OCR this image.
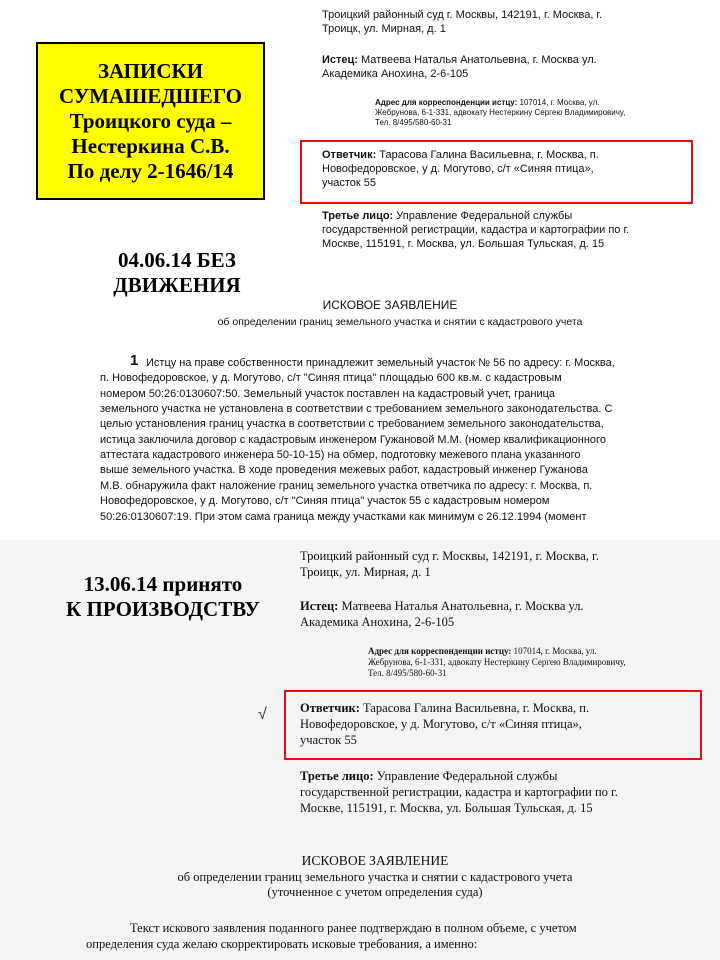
ЗАПИСКИ
СУМАШЕДШЕГО
Троицкого суда –
Нестеркина С.В.
По делу 2-1646/14
04.06.14 БЕЗ
ДВИЖЕНИЯ
Троицкий районный суд г. Москвы, 142191, г. Москва, г.
Троицк, ул. Мирная, д. 1
Истец: Матвеева Наталья Анатольевна, г. Москва ул.
Академика Анохина, 2-6-105
Адрес для корреспонденции истцу: 107014, г. Москва, ул.
Жебрунова, 6-1-331, адвокату Нестеркину Сергею Владимировичу,
Тел. 8/495/580-60-31
Ответчик: Тарасова Галина Васильевна, г. Москва, п.
Новофедоровское, у д. Могутово, с/т «Синяя птица»,
участок 55
Третье лицо: Управление Федеральной службы
государственной регистрации, кадастра и картографии по г.
Москве, 115191, г. Москва, ул. Большая Тульская, д. 15
ИСКОВОЕ ЗАЯВЛЕНИЕ
об определении границ земельного участка и снятии с кадастрового учета
1 Истцу на праве собственности принадлежит земельный участок № 56 по адресу: г. Москва,
п. Новофедоровское, у д. Могутово, с/т "Синяя птица" площадью 600 кв.м. с кадастровым
номером 50:26:0130607:50. Земельный участок поставлен на кадастровый учет, граница
земельного участка не установлена в соответствии с требованием земельного законодательства. С
целью установления границ участка в соответствии с требованием земельного законодательства,
истица заключила договор с кадастровым инженером Гужановой М.М. (номер квалификационного
аттестата кадастрового инженера 50-10-15) на обмер, подготовку межевого плана указанного
выше земельного участка. В ходе проведения межевых работ, кадастровый инженер Гужанова
М.В. обнаружила факт наложение границ земельного участка ответчика по адресу: г. Москва, п.
Новофедоровское, у д. Могутово, с/т "Синяя птица" участок 55 с кадастровым номером
50:26:0130607:19. При этом сама граница между участками как минимум с 26.12.1994 (момент
13.06.14 принято
К ПРОИЗВОДСТВУ
Троицкий районный суд г. Москвы, 142191, г. Москва, г.
Троицк, ул. Мирная, д. 1
Истец: Матвеева Наталья Анатольевна, г. Москва ул.
Академика Анохина, 2-6-105
Адрес для корреспонденции истцу: 107014, г. Москва, ул.
Жебрунова, 6-1-331, адвокату Нестеркину Сергею Владимировичу,
Тел. 8/495/580-60-31
√	Ответчик: Тарасова Галина Васильевна, г. Москва, п.
Новофедоровское, у д. Могутово, с/т «Синяя птица»,
участок 55
Третье лицо: Управление Федеральной службы
государственной регистрации, кадастра и картографии по г.
Москве, 115191, г. Москва, ул. Большая Тульская, д. 15
ИСКОВОЕ ЗАЯВЛЕНИЕ
об определении границ земельного участка и снятии с кадастрового учета
(уточненное с учетом определения суда)
Текст искового заявления поданного ранее подтверждаю в полном объеме, с учетом
определения суда желаю скорректировать исковые требования, а именно:
